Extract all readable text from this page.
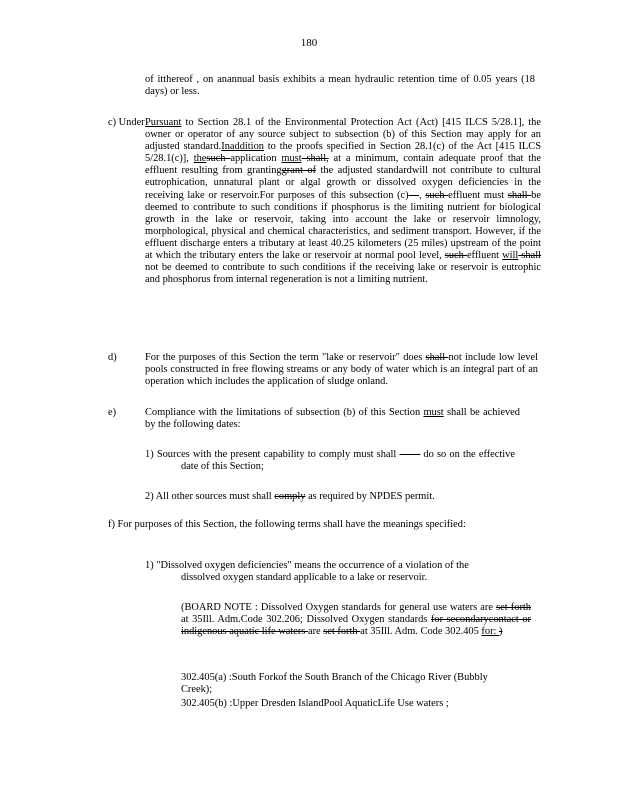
180
of itthereof , on anannual basis exhibits a mean hydraulic retention time of 0.05 years (18 days) or less.
c) Under Pursuant to Section 28.1 of the Environmental Protection Act (Act) [415 ILCS 5/28.1], the owner or operator of any source subject to subsection (b) of this Section may apply for an adjusted standard.Inaddition to the proofs specified in Section 28.1(c) of the Act [415 ILCS 5/28.1(c)], thesuch application must shall, at a minimum, contain adequate proof that the effluent resulting from grantinggrant of the adjusted standardwill not contribute to cultural eutrophication, unnatural plant or algal growth or dissolved oxygen deficiencies in the receiving lake or reservoir.For purposes of this subsection (c)—, such effluent must shall be deemed to contribute to such conditions if phosphorus is the limiting nutrient for biological growth in the lake or reservoir, taking into account the lake or reservoir limnology, morphological, physical and chemical characteristics, and sediment transport. However, if the effluent discharge enters a tributary at least 40.25 kilometers (25 miles) upstream of the point at which the tributary enters the lake or reservoir at normal pool level, such effluent will shall not be deemed to contribute to such conditions if the receiving lake or reservoir is eutrophic and phosphorus from internal regeneration is not a limiting nutrient.
d)	For the purposes of this Section the term "lake or reservoir" does shall not include low level pools constructed in free flowing streams or any body of water which is an integral part of an operation which includes the application of sludge onland.
e)	Compliance with the limitations of subsection (b) of this Section must shall be achieved by the following dates:
1) Sources with the present capability to comply must shall —— do so on the effective date of this Section;
2) All other sources must shall comply as required by NPDES permit.
f) For purposes of this Section, the following terms shall have the meanings specified:
1) "Dissolved oxygen deficiencies" means the occurrence of a violation of the dissolved oxygen standard applicable to a lake or reservoir.
(BOARD NOTE : Dissolved Oxygen standards for general use waters are set forth at 35Ill. Adm.Code 302.206; Dissolved Oxygen standards for secondarycontact or indigenous aquatic life waters are set forth at 35Ill. Adm. Code 302.405 for: )
302.405(a) :South Forkof the South Branch of the Chicago River (Bubbly Creek);
302.405(b) :Upper Dresden IslandPool AquaticLife Use waters ;
